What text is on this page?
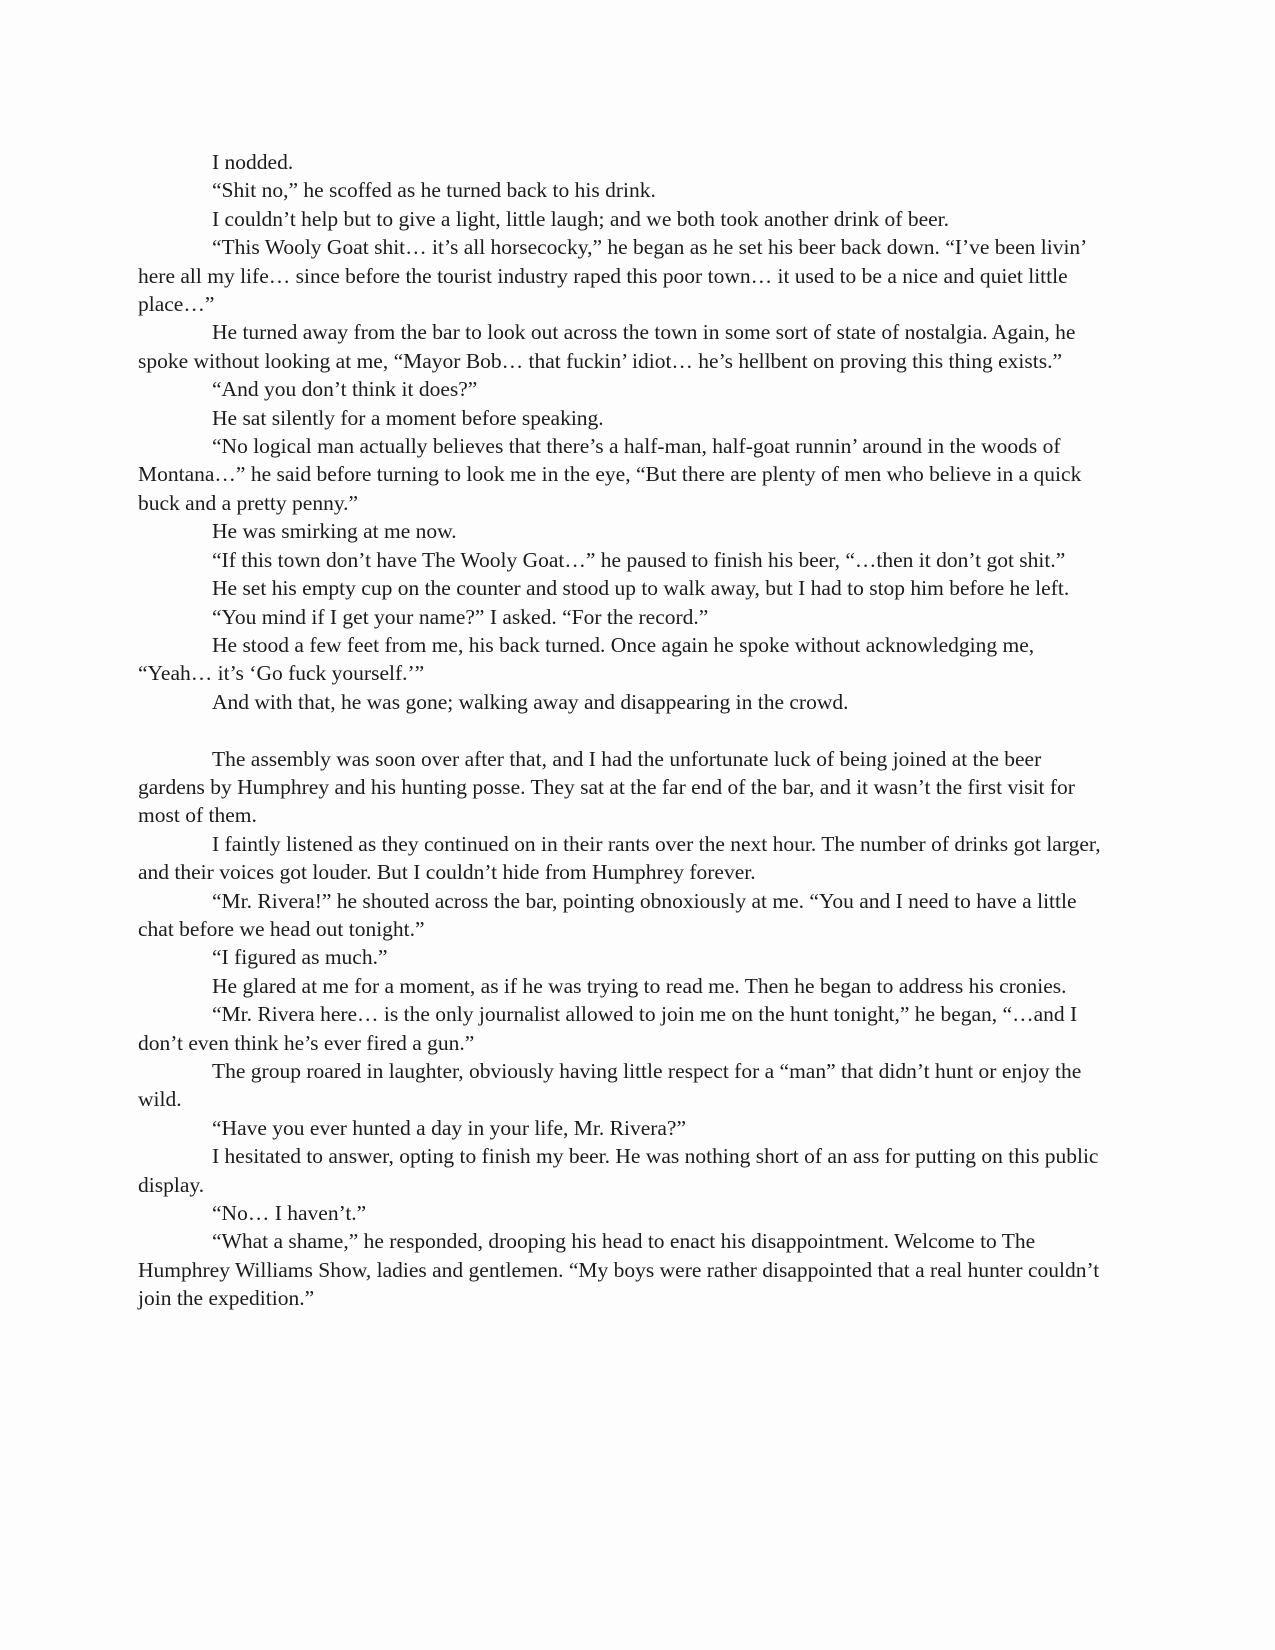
I nodded.

“Shit no,” he scoffed as he turned back to his drink.

I couldn’t help but to give a light, little laugh; and we both took another drink of beer.

“This Wooly Goat shit… it’s all horsecocky,” he began as he set his beer back down. “I’ve been livin’ here all my life… since before the tourist industry raped this poor town… it used to be a nice and quiet little place…”

He turned away from the bar to look out across the town in some sort of state of nostalgia. Again, he spoke without looking at me, “Mayor Bob… that fuckin’ idiot… he’s hellbent on proving this thing exists.”

“And you don’t think it does?”

He sat silently for a moment before speaking.

“No logical man actually believes that there’s a half-man, half-goat runnin’ around in the woods of Montana…” he said before turning to look me in the eye, “But there are plenty of men who believe in a quick buck and a pretty penny.”

He was smirking at me now.

“If this town don’t have The Wooly Goat…” he paused to finish his beer, “…then it don’t got shit.”

He set his empty cup on the counter and stood up to walk away, but I had to stop him before he left.

“You mind if I get your name?” I asked. “For the record.”

He stood a few feet from me, his back turned. Once again he spoke without acknowledging me, “Yeah… it’s ‘Go fuck yourself.’”

And with that, he was gone; walking away and disappearing in the crowd.

The assembly was soon over after that, and I had the unfortunate luck of being joined at the beer gardens by Humphrey and his hunting posse. They sat at the far end of the bar, and it wasn’t the first visit for most of them.

I faintly listened as they continued on in their rants over the next hour. The number of drinks got larger, and their voices got louder. But I couldn’t hide from Humphrey forever.

“Mr. Rivera!” he shouted across the bar, pointing obnoxiously at me. “You and I need to have a little chat before we head out tonight.”

“I figured as much.”

He glared at me for a moment, as if he was trying to read me. Then he began to address his cronies.

“Mr. Rivera here… is the only journalist allowed to join me on the hunt tonight,” he began, “…and I don’t even think he’s ever fired a gun.”

The group roared in laughter, obviously having little respect for a “man” that didn’t hunt or enjoy the wild.

“Have you ever hunted a day in your life, Mr. Rivera?”

I hesitated to answer, opting to finish my beer. He was nothing short of an ass for putting on this public display.

“No… I haven’t.”

“What a shame,” he responded, drooping his head to enact his disappointment. Welcome to The Humphrey Williams Show, ladies and gentlemen. “My boys were rather disappointed that a real hunter couldn’t join the expedition.”
